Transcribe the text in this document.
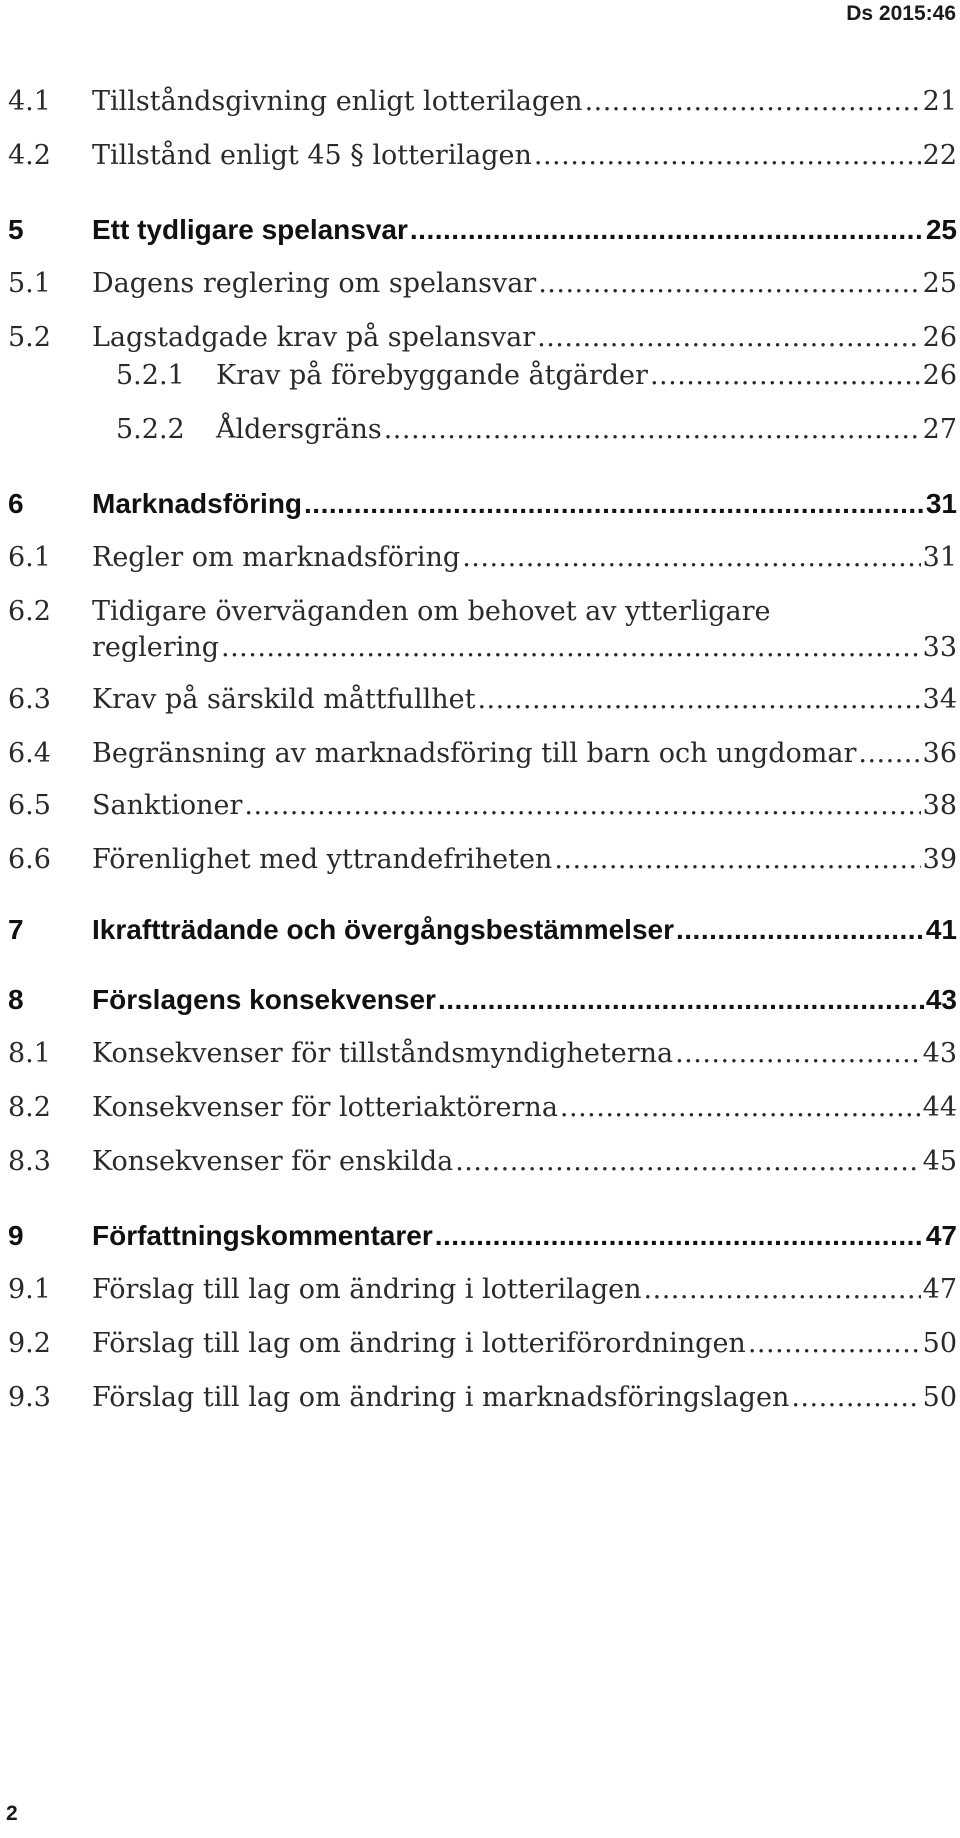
Ds 2015:46
4.1 Tillståndsgivning enligt lotterilagen .....	21
4.2 Tillstånd enligt 45 § lotterilagen .....	22
5 Ett tydligare spelansvar .....	25
5.1 Dagens reglering om spelansvar .....	25
5.2 Lagstadgade krav på spelansvar .....	26
5.2.1 Krav på förebyggande åtgärder .....	26
5.2.2 Åldersgräns .....	27
6 Marknadsföring .....	31
6.1 Regler om marknadsföring .....	31
6.2 Tidigare överväganden om behovet av ytterligare
reglering .....	33
6.3 Krav på särskild måttfullhet .....	34
6.4 Begränsning av marknadsföring till barn och ungdomar ..... 36
6.5 Sanktioner .....	38
6.6 Förenlighet med yttrandefriheten .....	39
7 Ikraftträdande och övergångsbestämmelser .....	41
8 Förslagens konsekvenser .....	43
8.1 Konsekvenser för tillståndsmyndigheterna .....	43
8.2 Konsekvenser för lotteriaktörerna .....	44
8.3 Konsekvenser för enskilda .....	45
9 Författningskommentarer .....	47
9.1 Förslag till lag om ändring i lotterilagen .....	47
9.2 Förslag till lag om ändring i lotteriförordningen .....	50
9.3 Förslag till lag om ändring i marknadsföringslagen .....	50
2
